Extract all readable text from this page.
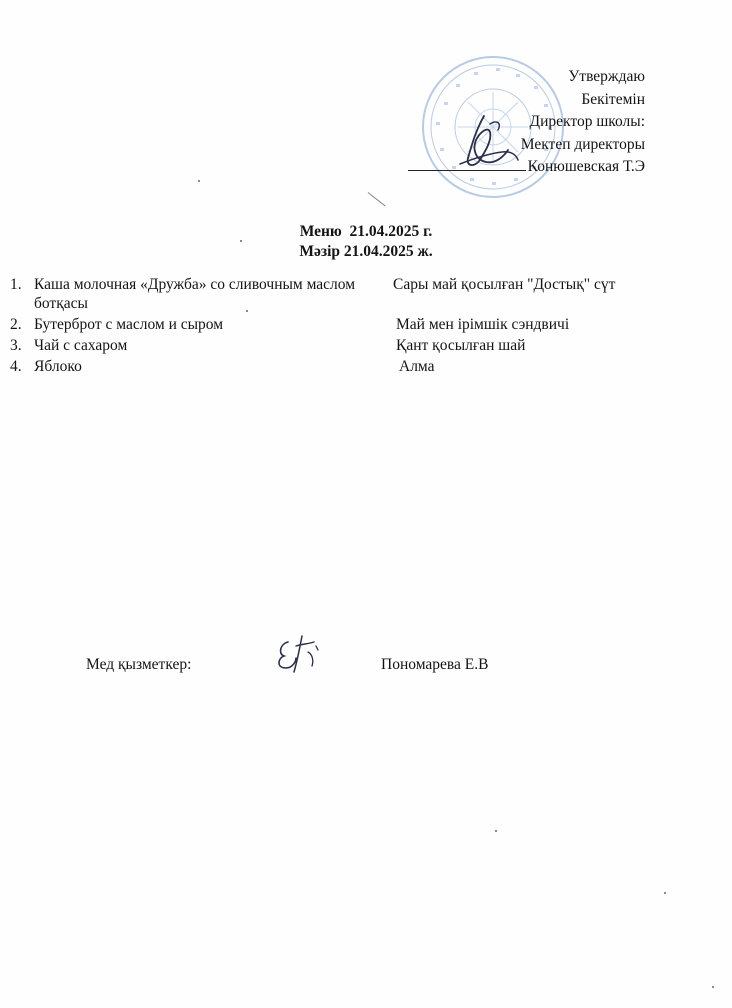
Утверждаю
Бекітемін
Директор школы:
Мектеп директоры
Конюшевская Т.Э
Меню  21.04.2025 г.
Мәзір 21.04.2025 ж.
1. Каша молочная «Дружба» со сливочным маслом Сары май қосылған "Достық" сүт
ботқасы
2. Бутерброт с маслом и сыром	Май мен ірімшік сэндвичі
3. Чай с сахаром	Қант қосылған шай
4. Яблоко	Алма
Мед қызметкер:	Пономарева Е.В
